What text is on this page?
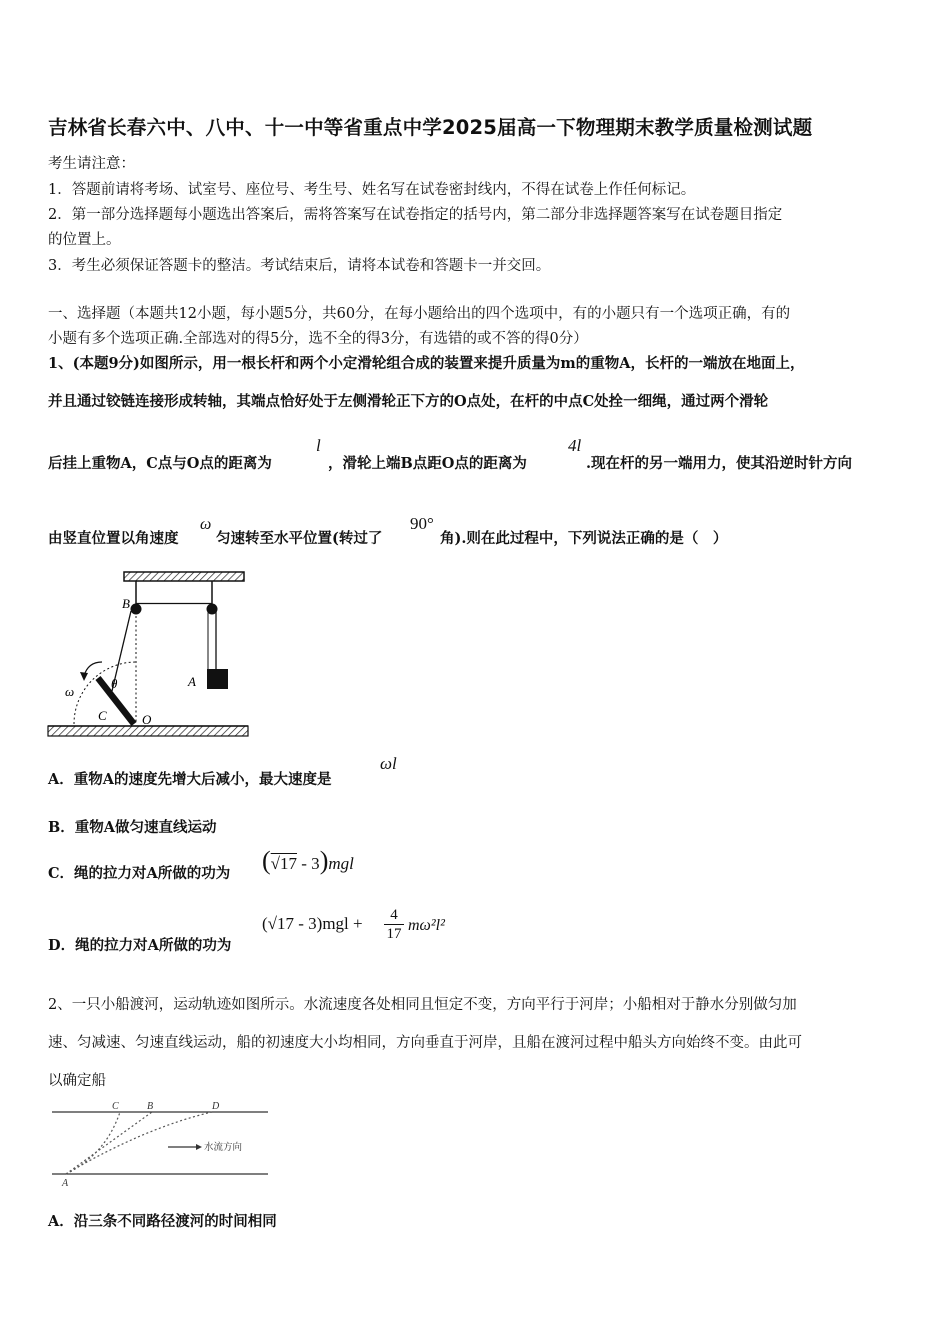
吉林省长春六中、八中、十一中等省重点中学2025届高一下物理期末教学质量检测试题
考生请注意：
1．答题前请将考场、试室号、座位号、考生号、姓名写在试卷密封线内，不得在试卷上作任何标记。
2．第一部分选择题每小题选出答案后，需将答案写在试卷指定的括号内，第二部分非选择题答案写在试卷题目指定
的位置上。
3．考生必须保证答题卡的整洁。考试结束后，请将本试卷和答题卡一并交回。
一、选择题（本题共12小题，每小题5分，共60分，在每小题给出的四个选项中，有的小题只有一个选项正确，有的
小题有多个选项正确.全部选对的得5分，选不全的得3分，有选错的或不答的得0分）
1、(本题9分)如图所示，用一根长杆和两个小定滑轮组合成的装置来提升质量为m的重物A，长杆的一端放在地面上，
并且通过铰链连接形成转轴，其端点恰好处于左侧滑轮正下方的O点处，在杆的中点C处拴一细绳，通过两个滑轮
后挂上重物A，C点与O点的距离为
l
，滑轮上端B点距O点的距离为
4l
.现在杆的另一端用力，使其沿逆时针方向
由竖直位置以角速度
ω
匀速转至水平位置(转过了
90°
角).则在此过程中，下列说法正确的是（　）
B
θ	A
ω
C	O
A．重物A的速度先增大后减小，最大速度是
ωl
B．重物A做匀速直线运动
C．绳的拉力对A所做的功为 (√17 - 3)mgl
D．绳的拉力对A所做的功为
$(√17 - 3)mgl + \frac{4}{17} m\omega^2l^2$
2、一只小船渡河，运动轨迹如图所示。水流速度各处相同且恒定不变，方向平行于河岸；小船相对于静水分别做匀加
速、匀减速、匀速直线运动，船的初速度大小均相同，方向垂直于河岸，且船在渡河过程中船头方向始终不变。由此可
以确定船
C	B	D
A
水流方向
A．沿三条不同路径渡河的时间相同
